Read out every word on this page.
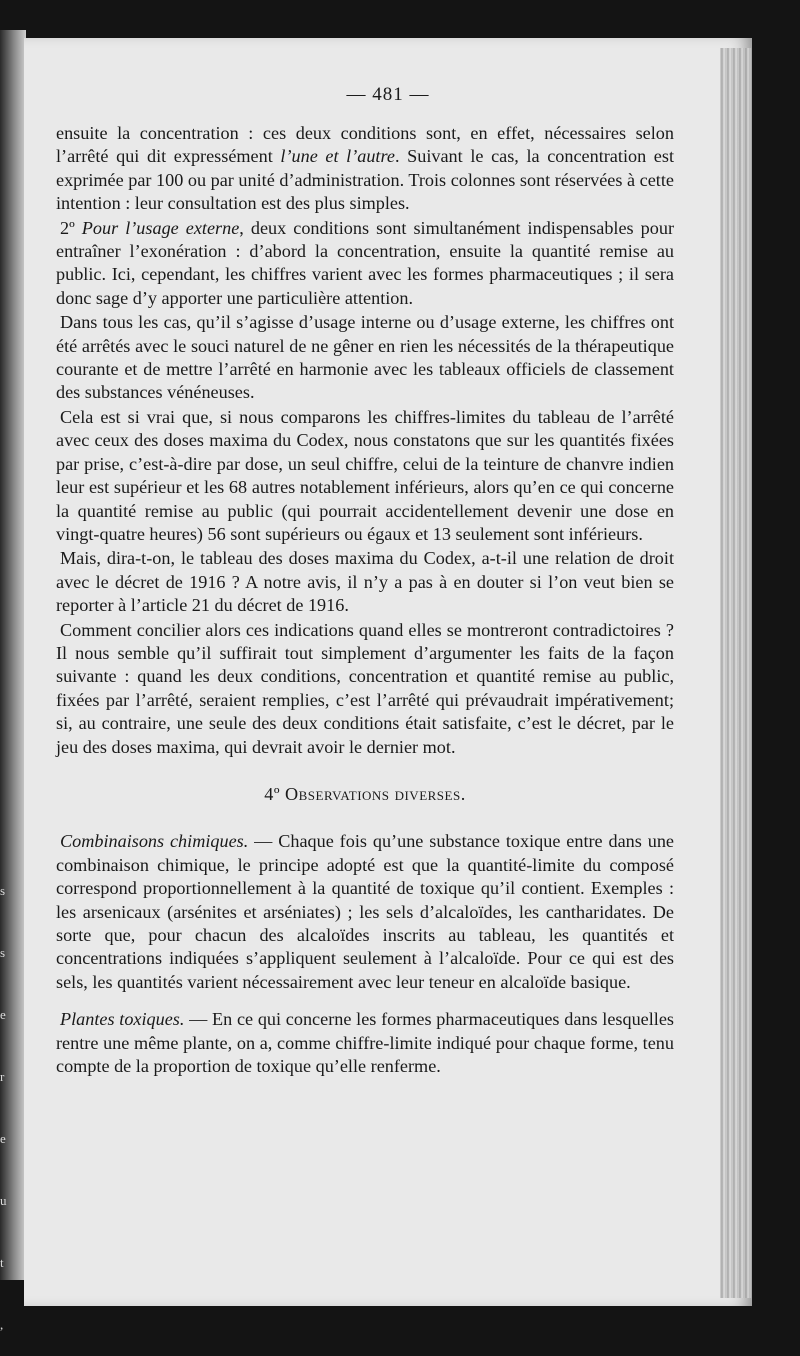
s
s
e
r
e
u
t
,
— 481 —

ensuite la concentration : ces deux conditions sont, en effet, nécessaires selon l’arrêté qui dit expressément l’une et l’autre. Suivant le cas, la concentration est exprimée par 100 ou par unité d’administration. Trois colonnes sont réservées à cette intention : leur consultation est des plus simples.

2º Pour l’usage externe, deux conditions sont simultanément indispensables pour entraîner l’exonération : d’abord la concentration, ensuite la quantité remise au public. Ici, cependant, les chiffres varient avec les formes pharmaceutiques ; il sera donc sage d’y apporter une particulière attention.

Dans tous les cas, qu’il s’agisse d’usage interne ou d’usage externe, les chiffres ont été arrêtés avec le souci naturel de ne gêner en rien les nécessités de la thérapeutique courante et de mettre l’arrêté en harmonie avec les tableaux officiels de classement des substances vénéneuses.

Cela est si vrai que, si nous comparons les chiffres-limites du tableau de l’arrêté avec ceux des doses maxima du Codex, nous constatons que sur les quantités fixées par prise, c’est-à-dire par dose, un seul chiffre, celui de la teinture de chanvre indien leur est supérieur et les 68 autres notablement inférieurs, alors qu’en ce qui concerne la quantité remise au public (qui pourrait accidentellement devenir une dose en vingt-quatre heures) 56 sont supérieurs ou égaux et 13 seulement sont inférieurs.

Mais, dira-t-on, le tableau des doses maxima du Codex, a-t-il une relation de droit avec le décret de 1916 ? A notre avis, il n’y a pas à en douter si l’on veut bien se reporter à l’article 21 du décret de 1916.

Comment concilier alors ces indications quand elles se montreront contradictoires ? Il nous semble qu’il suffirait tout simplement d’argumenter les faits de la façon suivante : quand les deux conditions, concentration et quantité remise au public, fixées par l’arrêté, seraient remplies, c’est l’arrêté qui prévaudrait impérativement; si, au contraire, une seule des deux conditions était satisfaite, c’est le décret, par le jeu des doses maxima, qui devrait avoir le dernier mot.

4º Observations diverses.

Combinaisons chimiques. — Chaque fois qu’une substance toxique entre dans une combinaison chimique, le principe adopté est que la quantité-limite du composé correspond proportionnellement à la quantité de toxique qu’il contient. Exemples : les arsenicaux (arsénites et arséniates) ; les sels d’alcaloïdes, les cantharidates. De sorte que, pour chacun des alcaloïdes inscrits au tableau, les quantités et concentrations indiquées s’appliquent seulement à l’alcaloïde. Pour ce qui est des sels, les quantités varient nécessairement avec leur teneur en alcaloïde basique.

Plantes toxiques. — En ce qui concerne les formes pharmaceutiques dans lesquelles rentre une même plante, on a, comme chiffre-limite indiqué pour chaque forme, tenu compte de la proportion de toxique qu’elle renferme.
